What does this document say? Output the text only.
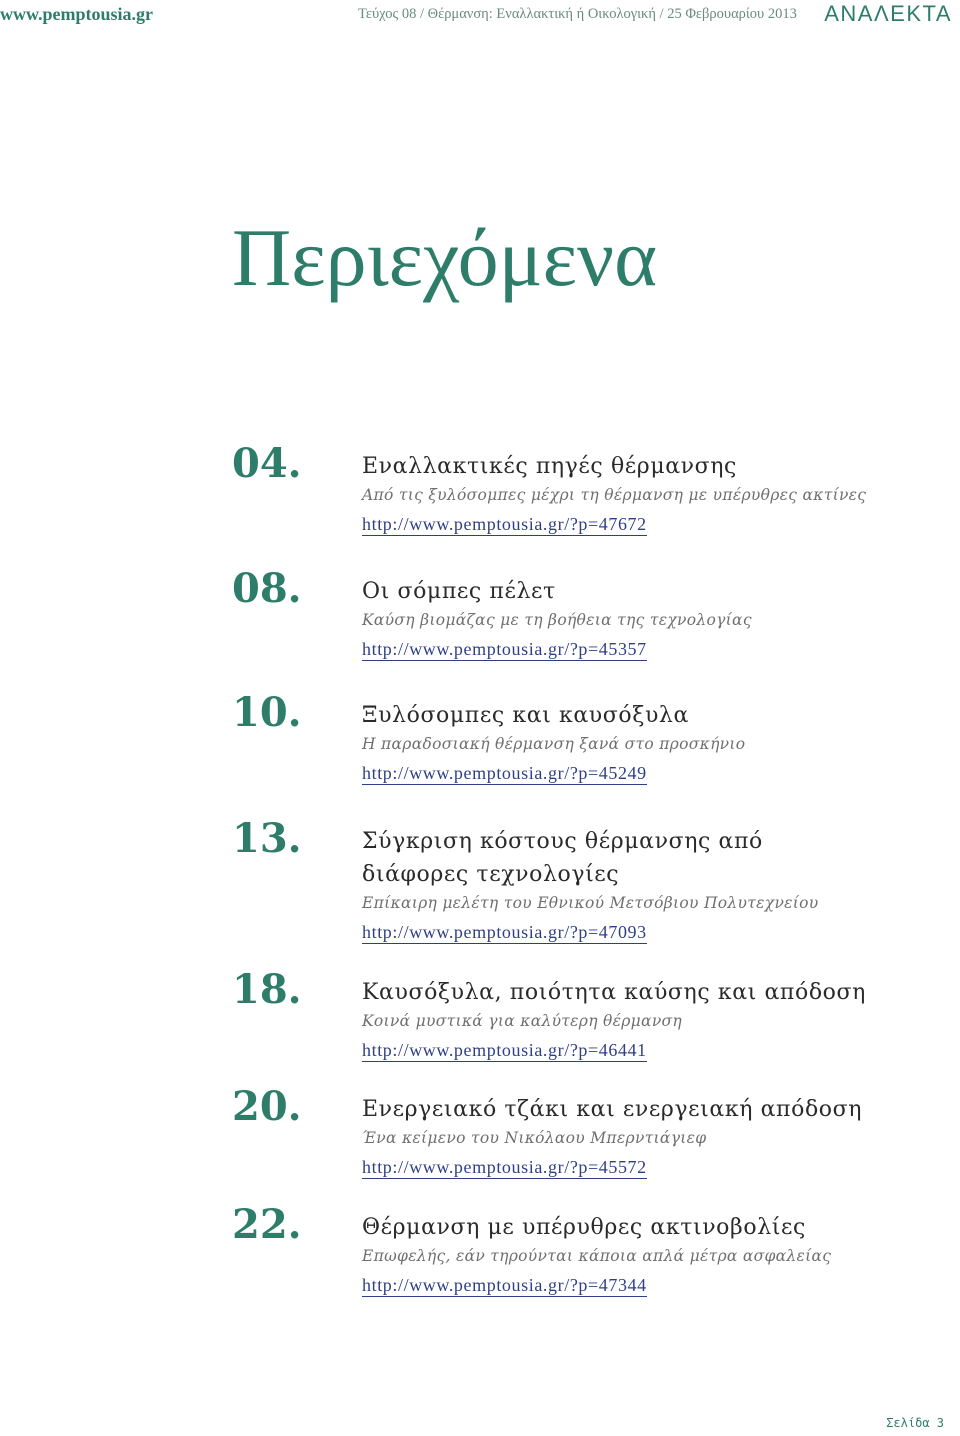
www.pemptousia.gr	Τεύχος 08 / Θέρμανση: Εναλλακτική ή Οικολογική / 25 Φεβρουαρίου 2013 ΑΝΑΛΕΚΤΑ
Περιεχόμενα
04.	Εναλλακτικές πηγές θέρμανσης
Από τις ξυλόσομπες μέχρι τη θέρμανση με υπέρυθρες ακτίνες
http://www.pemptousia.gr/?p=47672
08.	Οι σόμπες πέλετ
Καύση βιομάζας με τη βοήθεια της τεχνολογίας
http://www.pemptousia.gr/?p=45357
10.	Ξυλόσομπες και καυσόξυλα
Η παραδοσιακή θέρμανση ξανά στο προσκήνιο
http://www.pemptousia.gr/?p=45249
13.	Σύγκριση κόστους θέρμανσης από διάφορες τεχνολογίες
Επίκαιρη μελέτη του Εθνικού Μετσόβιου Πολυτεχνείου
http://www.pemptousia.gr/?p=47093
18.	Καυσόξυλα, ποιότητα καύσης και απόδοση
Κοινά μυστικά για καλύτερη θέρμανση
http://www.pemptousia.gr/?p=46441
20.	Ενεργειακό τζάκι και ενεργειακή απόδοση
Ένα κείμενο του Νικόλαου Μπερντιάγιεφ
http://www.pemptousia.gr/?p=45572
22.	Θέρμανση με υπέρυθρες ακτινοβολίες
Επωφελής, εάν τηρούνται κάποια απλά μέτρα ασφαλείας
http://www.pemptousia.gr/?p=47344
Σελίδα 3
